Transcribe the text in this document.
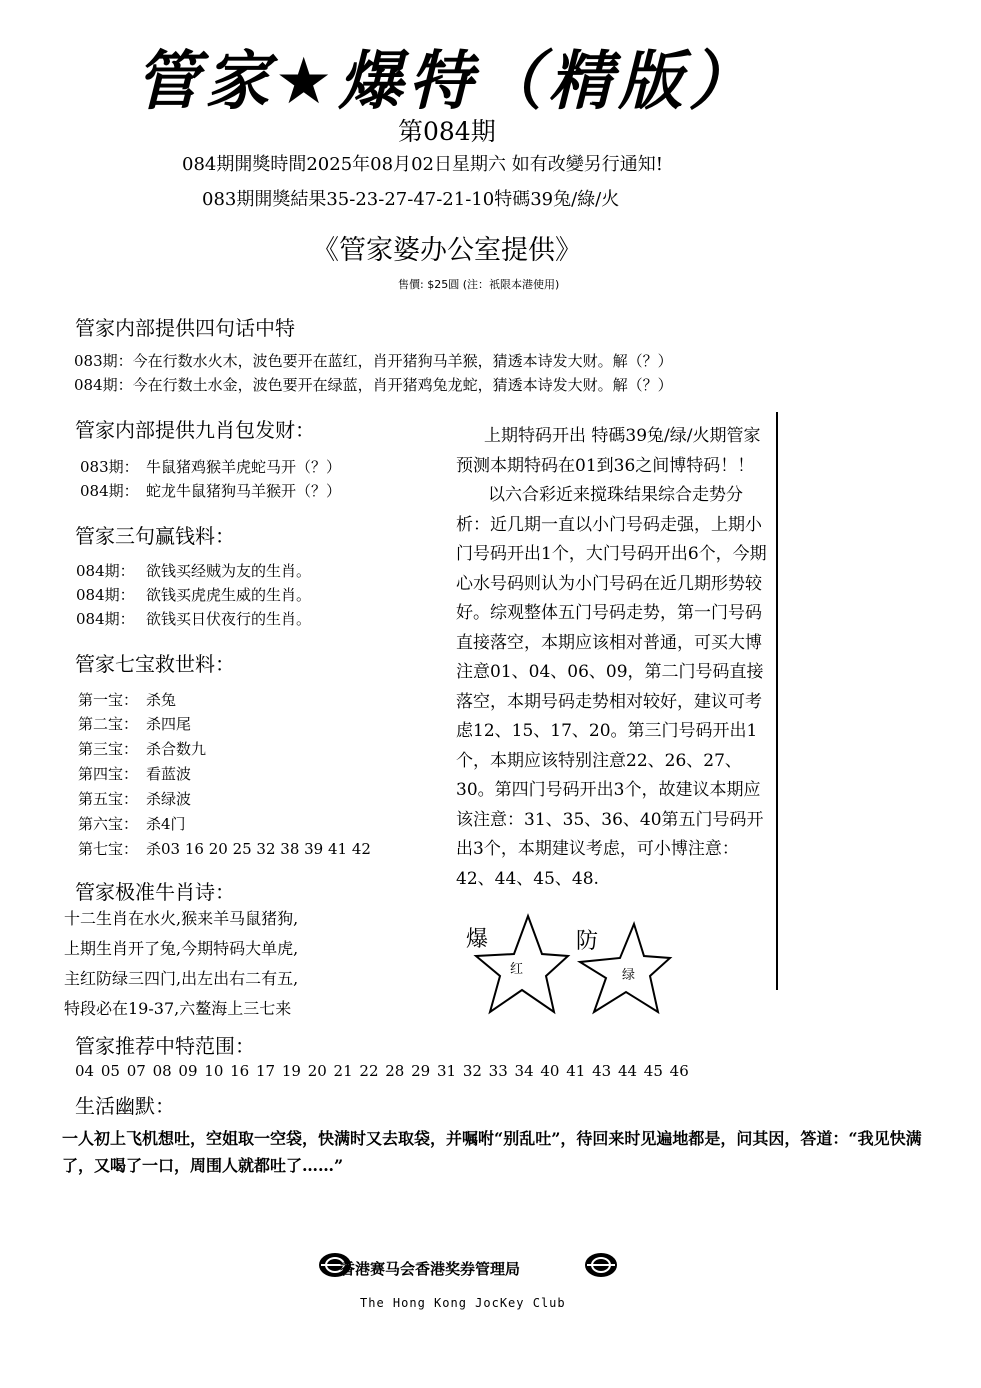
管家★爆特（精版）
第084期
084期開獎時間2025年08月02日星期六 如有改變另行通知!
083期開獎結果35-23-27-47-21-10特碼39兔/綠/火
《管家婆办公室提供》
售價: $25圓 (注：祇限本港使用)
管家内部提供四句话中特
083期：今在行数水火木，波色要开在蓝红，肖开猪狗马羊猴，猜透本诗发大财。解（？）
084期：今在行数土水金，波色要开在绿蓝，肖开猪鸡兔龙蛇，猜透本诗发大财。解（？）
管家内部提供九肖包发财：
083期： 牛鼠猪鸡猴羊虎蛇马开（？）
084期： 蛇龙牛鼠猪狗马羊猴开（？）
管家三句赢钱料：
084期： 欲钱买经贼为友的生肖。
084期： 欲钱买虎虎生威的生肖。
084期： 欲钱买日伏夜行的生肖。
管家七宝救世料：
第一宝： 杀兔
第二宝： 杀四尾
第三宝： 杀合数九
第四宝： 看蓝波
第五宝： 杀绿波
第六宝： 杀4门
第七宝： 杀03 16 20 25 32 38 39 41 42
管家极准牛肖诗：
十二生肖在水火,猴来羊马鼠猪狗,
上期生肖开了兔,今期特码大单虎,
主红防绿三四门,出左出右二有五,
特段必在19-37,六鳌海上三七来

上期特码开出 特碼39兔/绿/火期管家预测本期特码在01到36之间博特码！！

以六合彩近来搅珠结果综合走势分析：近几期一直以小门号码走强，上期小门号码开出1个，大门号码开出6个，今期心水号码则认为小门号码在近几期形势较好。综观整体五门号码走势，第一门号码直接落空，本期应该相对普通，可买大博注意01、04、06、09，第二门号码直接落空，本期号码走势相对较好，建议可考虑12、15、17、20。第三门号码开出1个，本期应该特别注意22、26、27、30。第四门号码开出3个，故建议本期应该注意：31、35、36、40第五门号码开出3个，本期建议考虑，可小博注意：42、44、45、48.

爆
红
防
绿
管家推荐中特范围：
04 05 07 08 09 10 16 17 19 20 21 22 28 29 31 32 33 34 40 41 43 44 45 46
生活幽默：
一人初上飞机想吐，空姐取一空袋，快满时又去取袋，并嘱咐“别乱吐”，待回来时见遍地都是，问其因，答道：“我见快满了，又喝了一口，周围人就都吐了……”
香港赛马会香港奖券管理局
The Hong Kong JocKey Club
